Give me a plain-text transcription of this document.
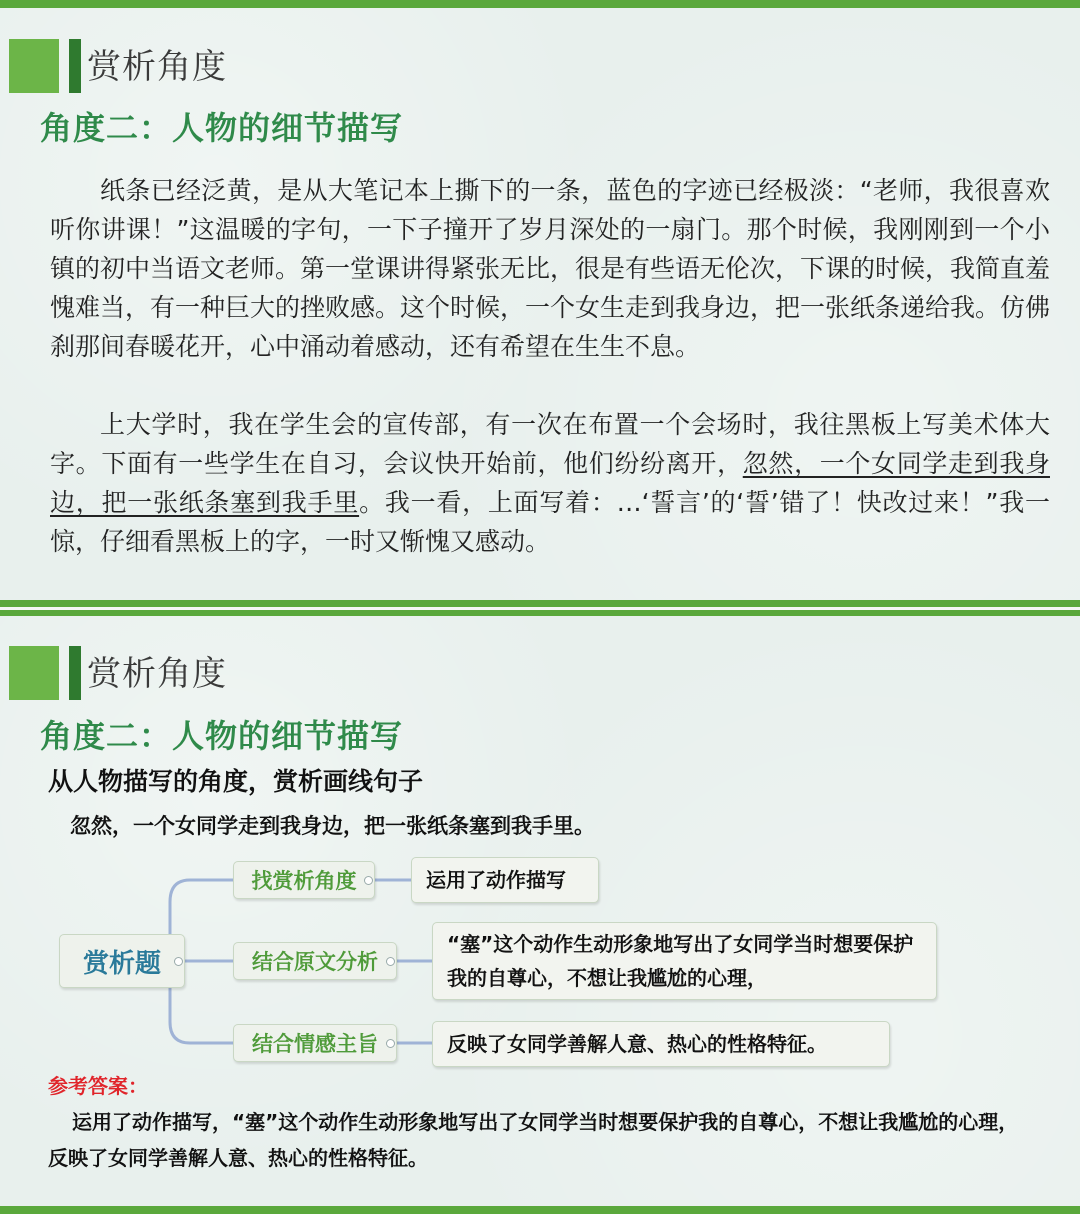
赏析角度
角度二：人物的细节描写

纸条已经泛黄，是从大笔记本上撕下的一条，蓝色的字迹已经极淡：“老师，我很喜欢听你讲课！”这温暖的字句，一下子撞开了岁月深处的一扇门。那个时候，我刚刚到一个小镇的初中当语文老师。第一堂课讲得紧张无比，很是有些语无伦次，下课的时候，我简直羞愧难当，有一种巨大的挫败感。这个时候，一个女生走到我身边，把一张纸条递给我。仿佛刹那间春暖花开，心中涌动着感动，还有希望在生生不息。

上大学时，我在学生会的宣传部，有一次在布置一个会场时，我往黑板上写美术体大字。下面有一些学生在自习，会议快开始前，他们纷纷离开，忽然，一个女同学走到我身边，把一张纸条塞到我手里。我一看，上面写着：…‘誓言’的‘誓’错了！快改过来！”我一惊，仔细看黑板上的字，一时又惭愧又感动。

赏析角度
角度二：人物的细节描写
从人物描写的角度，赏析画线句子
忽然，一个女同学走到我身边，把一张纸条塞到我手里。
赏析题
找赏析角度
结合原文分析
结合情感主旨
运用了动作描写
“塞”这个动作生动形象地写出了女同学当时想要保护我的自尊心，不想让我尴尬的心理，
反映了女同学善解人意、热心的性格特征。
参考答案：

运用了动作描写，“塞”这个动作生动形象地写出了女同学当时想要保护我的自尊心，不想让我尴尬的心理，反映了女同学善解人意、热心的性格特征。
